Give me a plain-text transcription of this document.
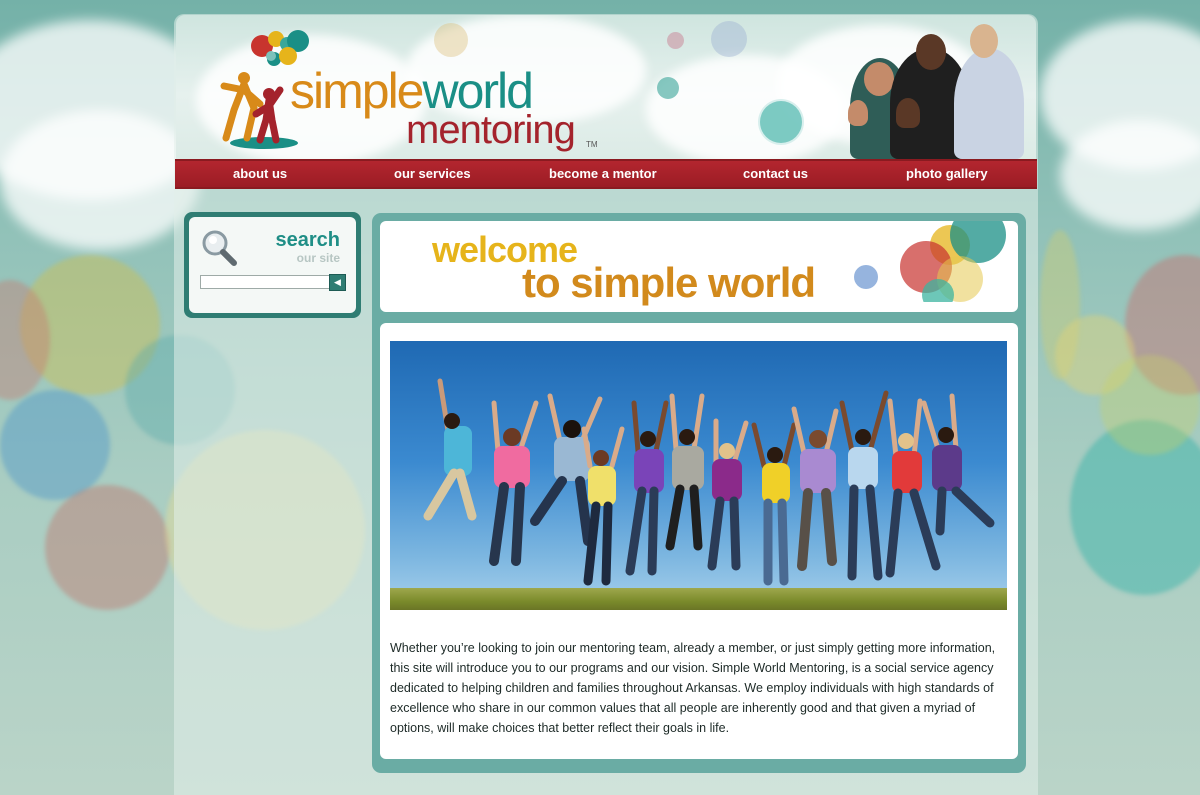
simpleworld
mentoring TM
about us	our services	become a mentor	contact us	photo gallery
search
our site
◀
welcome
to simple world
Whether you’re looking to join our mentoring team, already a member, or just simply getting more information, this site will introduce you to our programs and our vision. Simple World Mentoring, is a social service agency dedicated to helping children and families throughout Arkansas. We employ individuals with high standards of excellence who share in our common values that all people are inherently good and that given a myriad of options, will make choices that better reflect their goals in life.
